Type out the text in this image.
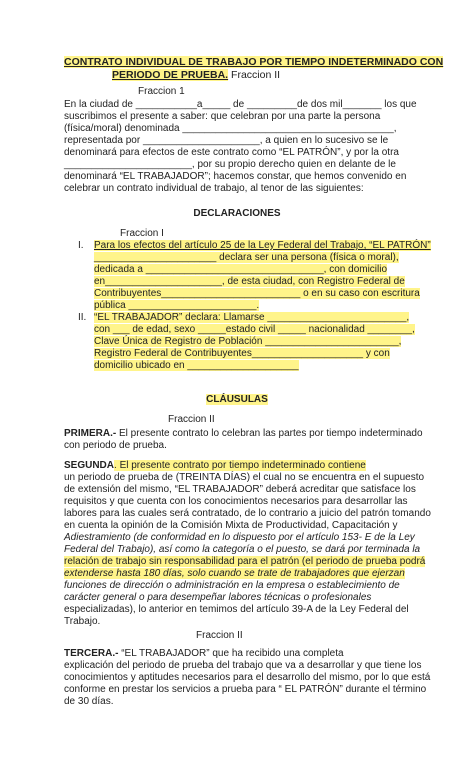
CONTRATO INDIVIDUAL DE TRABAJO POR TIEMPO INDETERMINADO CON
PERIODO DE PRUEBA. Fraccion II
Fraccion 1
En la ciudad de ___________a_____ de _________de dos mil_______ los que
suscribimos el presente a saber: que celebran por una parte la persona
(física/moral) denominada ______________________________________,
representada por _____________________, a quien en lo sucesivo se le
denominará para efectos de este contrato como “EL PATRÓN”, y por la otra
_______________________, por su propio derecho quien en delante de le
denominará “EL TRABAJADOR”; hacemos constar, que hemos convenido en
celebrar un contrato individual de trabajo, al tenor de las siguientes:
DECLARACIONES
Fraccion I
I. Para los efectos del artículo 25 de la Ley Federal del Trabajo, “EL PATRÓN”
______________________ declara ser una persona (física o moral),
dedicada a ________________________________, con domicilio
en_____________________, de esta ciudad, con Registro Federal de
Contribuyentes_________________________ o en su caso con escritura
pública _______________________.
II. “EL TRABAJADOR” declara: Llamarse _________________________,
con ___ de edad, sexo _____estado civil _____ nacionalidad ________,
Clave Única de Registro de Población ________________________,
Registro Federal de Contribuyentes____________________ y con
domicilio ubicado en ____________________
CLÁUSULAS
Fraccion II
PRIMERA.- El presente contrato lo celebran las partes por tiempo indeterminado
con periodo de prueba.
SEGUNDA. El presente contrato por tiempo indeterminado contiene
un periodo de prueba de (TREINTA DÍAS) el cual no se encuentra en el supuesto
de extensión del mismo, “EL TRABAJADOR” deberá acreditar que satisface los
requisitos y que cuenta con los conocimientos necesarios para desarrollar las
labores para las cuales será contratado, de lo contrario a juicio del patrón tomando
en cuenta la opinión de la Comisión Mixta de Productividad, Capacitación y
Adiestramiento (de conformidad en lo dispuesto por el artículo 153- E de la Ley
Federal del Trabajo), así como la categoría o el puesto, se dará por terminada la
relación de trabajo sin responsabilidad para el patrón (el periodo de prueba podrá
extenderse hasta 180 días, solo cuando se trate de trabajadores que ejerzan
funciones de dirección o administración en la empresa o establecimiento de
carácter general o para desempeñar labores técnicas o profesionales
especializadas), lo anterior en temimos del artículo 39-A de la Ley Federal del
Trabajo.
Fraccion II
TERCERA.- “EL TRABAJADOR” que ha recibido una completa
explicación del periodo de prueba del trabajo que va a desarrollar y que tiene los
conocimientos y aptitudes necesarios para el desarrollo del mismo, por lo que está
conforme en prestar los servicios a prueba para “ EL PATRÓN” durante el término
de 30 días.
